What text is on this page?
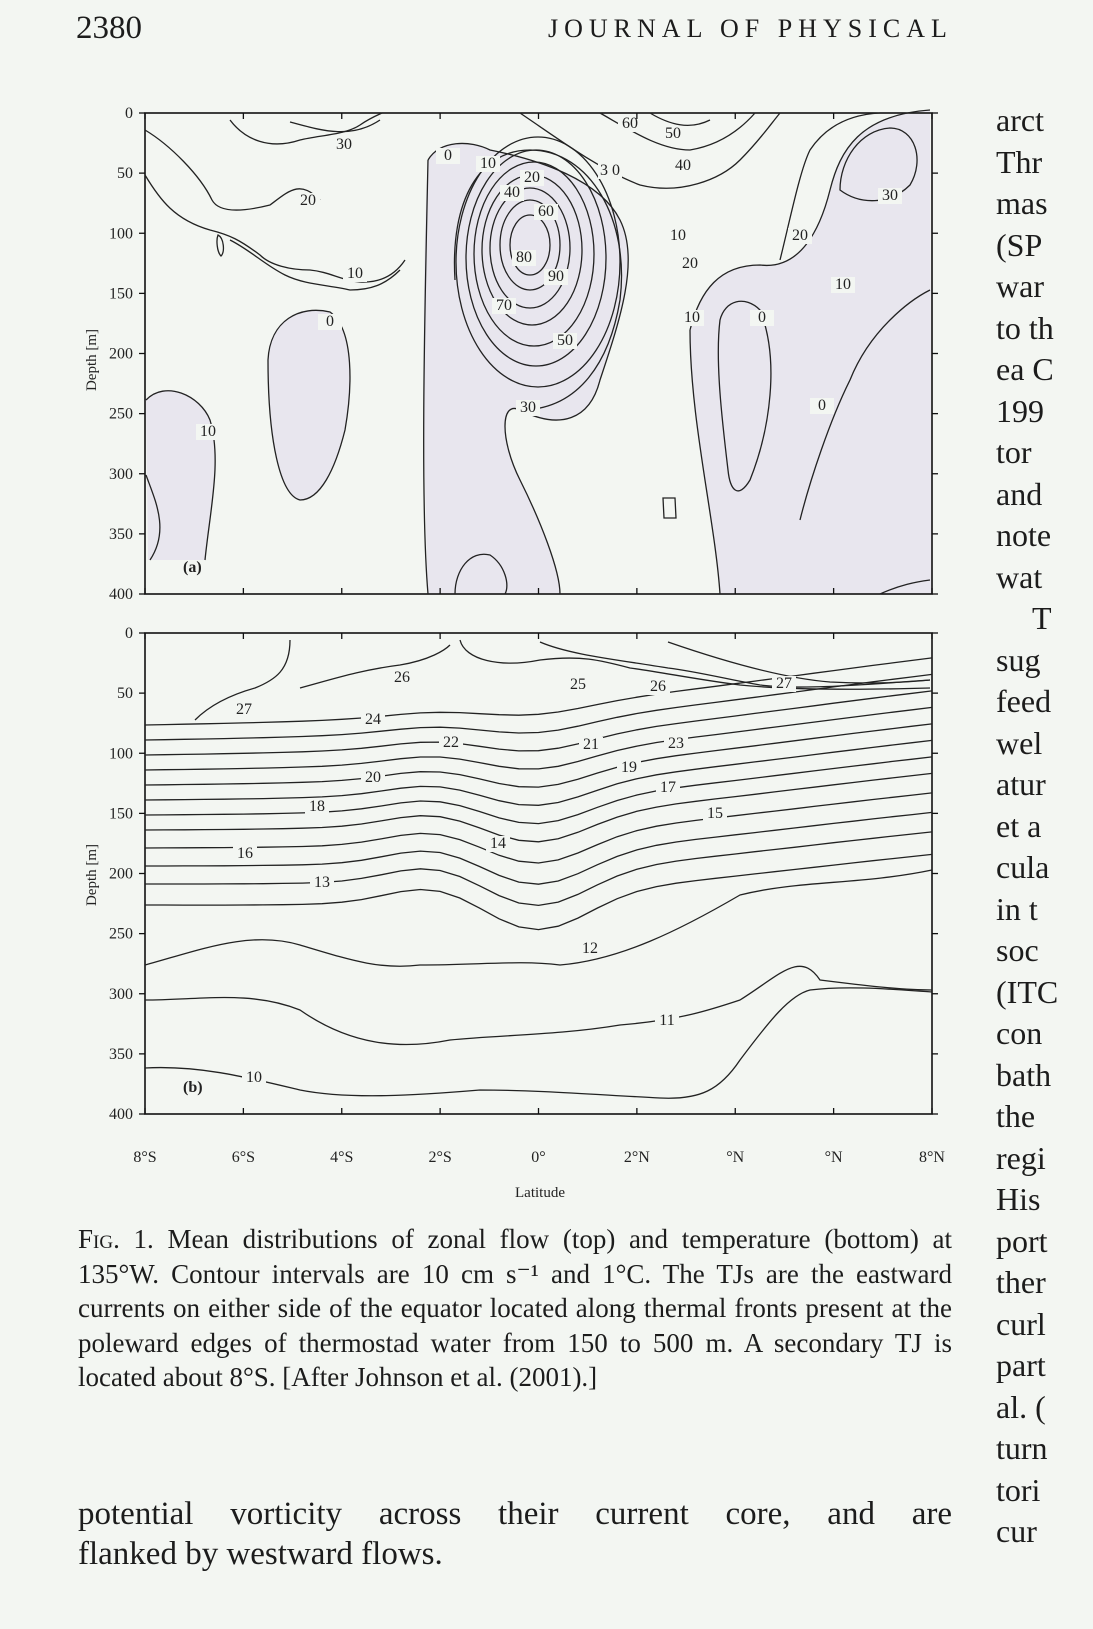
2380	JOURNAL OF PHYSICAL
arct
Thr
mas
(SP
war
to th
ea C
199
tor
and
note
wat
T
sug
feed
wel
atur
et a
cula
in t
soc
(ITC
con
bath
the
regi
His
port
ther
curl
part
al. (
turn
tori
cur
30
20
0 10
60
3 0
50
40
20
40
60
80
90
70
50
30
10
20
10
0	10	0
30
20
10
0
10
0
50
100
150
200
250
300
350
400
(a)
27
26	25	26	27
24
22	21	23
20
19
17
18	15
14
16
13
12
11
10
0
50
100
150
200
250
300
350
400
8°S	6°S	4°S	2°S	0°	2°N	°N	°N	8°N
(b)
Depth [m]
Depth [m]
Latitude
Fig. 1. Mean distributions of zonal flow (top) and temperature (bottom) at 135°W. Contour intervals are 10 cm s⁻¹ and 1°C. The TJs are the eastward currents on either side of the equator located along thermal fronts present at the poleward edges of thermostad water from 150 to 500 m. A secondary TJ is located about 8°S. [After Johnson et al. (2001).]
potential vorticity across their current core, and are
flanked by westward flows.
